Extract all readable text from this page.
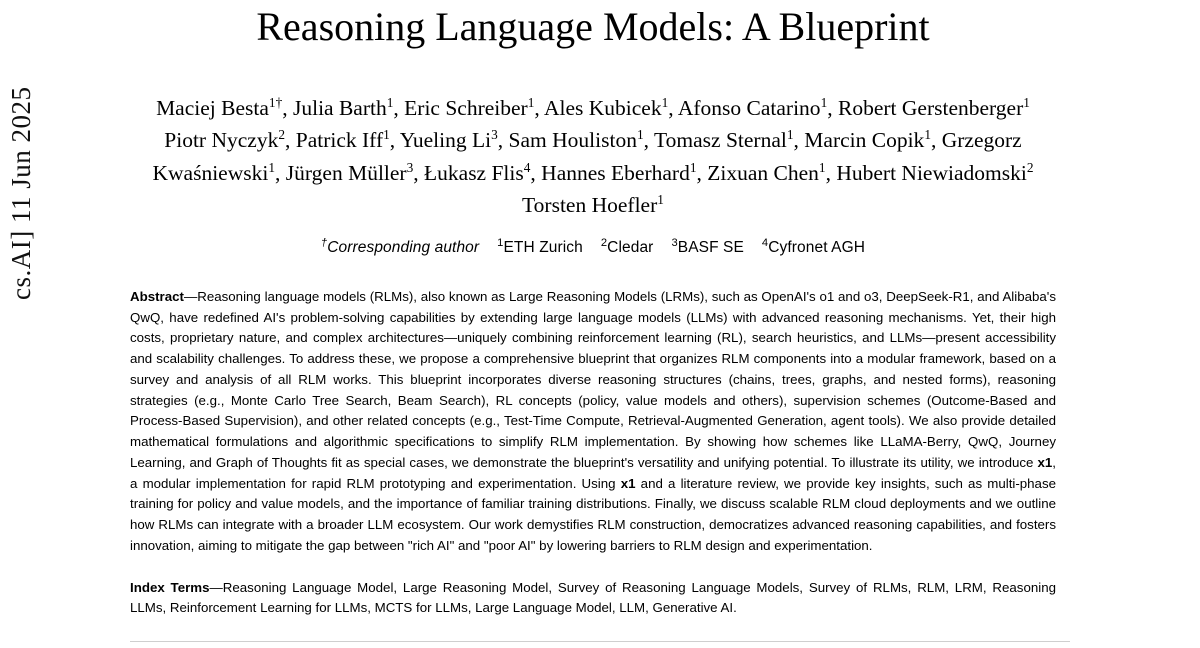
cs.AI] 11 Jun 2025
Reasoning Language Models: A Blueprint
Maciej Besta$^{1\dagger}$, Julia Barth$^1$, Eric Schreiber$^1$, Ales Kubicek$^1$, Afonso Catarino$^1$, Robert Gerstenberger$^1$
Piotr Nyczyk$^2$, Patrick Iff$^1$, Yueling Li$^3$, Sam Houliston$^1$, Tomasz Sternal$^1$, Marcin Copik$^1$, Grzegorz
Kwaśniewski$^1$, Jürgen Müller$^3$, Łukasz Flis$^4$, Hannes Eberhard$^1$, Zixuan Chen$^1$, Hubert Niewiadomski$^2$
Torsten Hoefler$^1$
†Corresponding author $^1$ETH Zurich $^2$Cledar $^3$BASF SE $^4$Cyfronet AGH

Abstract—Reasoning language models (RLMs), also known as Large Reasoning Models (LRMs), such as OpenAI's o1 and o3, DeepSeek-R1, and Alibaba's QwQ, have redefined AI's problem-solving capabilities by extending large language models (LLMs) with advanced reasoning mechanisms. Yet, their high costs, proprietary nature, and complex architectures—uniquely combining reinforcement learning (RL), search heuristics, and LLMs—present accessibility and scalability challenges. To address these, we propose a comprehensive blueprint that organizes RLM components into a modular framework, based on a survey and analysis of all RLM works. This blueprint incorporates diverse reasoning structures (chains, trees, graphs, and nested forms), reasoning strategies (e.g., Monte Carlo Tree Search, Beam Search), RL concepts (policy, value models and others), supervision schemes (Outcome-Based and Process-Based Supervision), and other related concepts (e.g., Test-Time Compute, Retrieval-Augmented Generation, agent tools). We also provide detailed mathematical formulations and algorithmic specifications to simplify RLM implementation. By showing how schemes like LLaMA-Berry, QwQ, Journey Learning, and Graph of Thoughts fit as special cases, we demonstrate the blueprint's versatility and unifying potential. To illustrate its utility, we introduce x1, a modular implementation for rapid RLM prototyping and experimentation. Using x1 and a literature review, we provide key insights, such as multi-phase training for policy and value models, and the importance of familiar training distributions. Finally, we discuss scalable RLM cloud deployments and we outline how RLMs can integrate with a broader LLM ecosystem. Our work demystifies RLM construction, democratizes advanced reasoning capabilities, and fosters innovation, aiming to mitigate the gap between "rich AI" and "poor AI" by lowering barriers to RLM design and experimentation.

Index Terms—Reasoning Language Model, Large Reasoning Model, Survey of Reasoning Language Models, Survey of RLMs, RLM, LRM, Reasoning LLMs, Reinforcement Learning for LLMs, MCTS for LLMs, Large Language Model, LLM, Generative AI.
